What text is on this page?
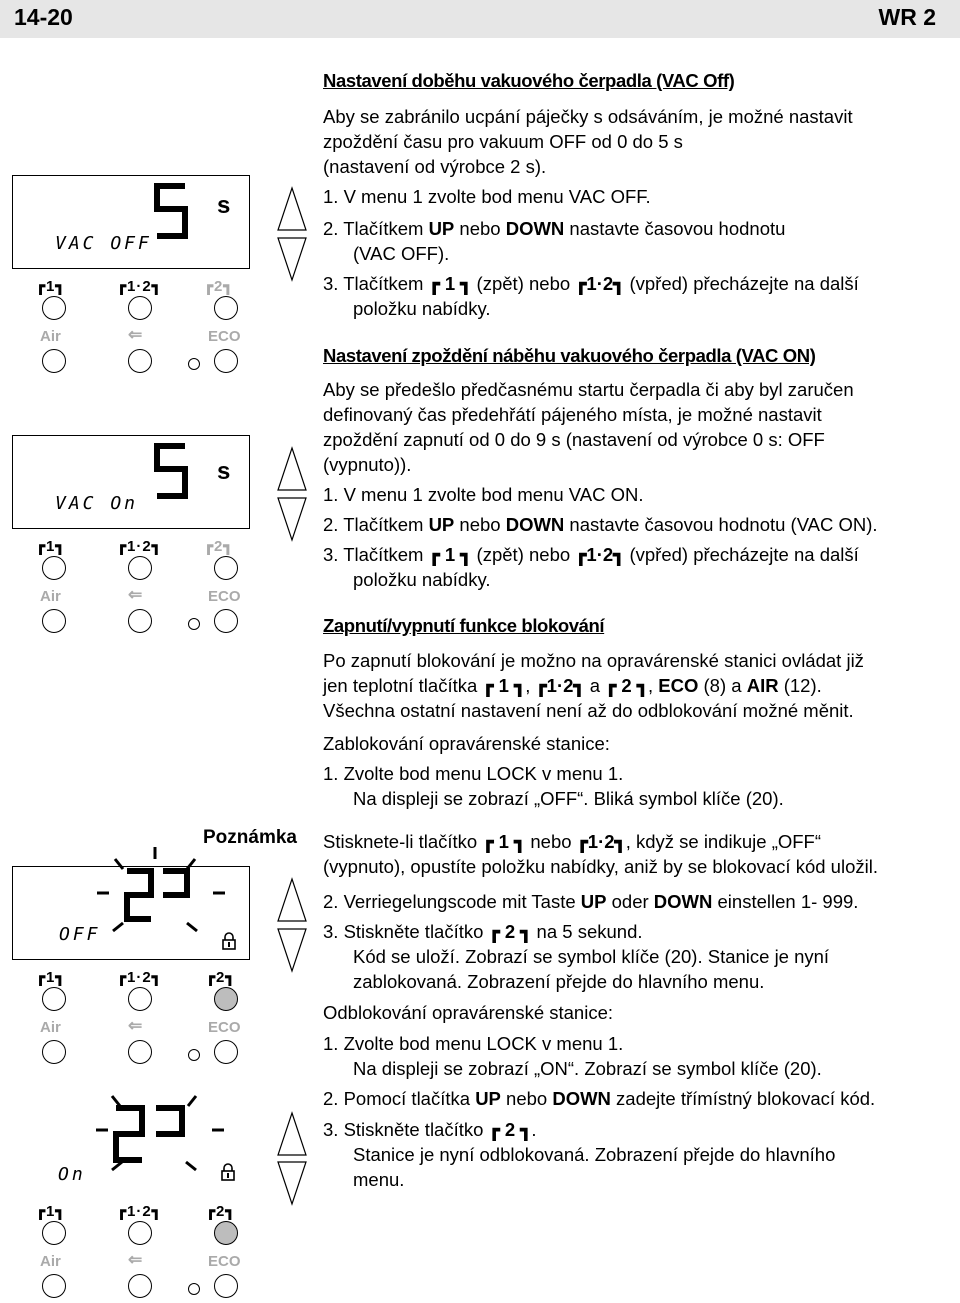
14-20	WR 2
Nastavení doběhu vakuového čerpadla (VAC Off)
Aby se zabránilo ucpání páječky s odsáváním, je možné nastavit
zpoždění času pro vakuum OFF od 0 do 5 s
(nastavení od výrobce 2 s).
1. V menu 1 zvolte bod menu VAC OFF.
2. Tlačítkem UP nebo DOWN nastavte časovou hodnotu
(VAC OFF).
3. Tlačítkem ┏ 1 ┓ (zpět) nebo ┏1·2┓ (vpřed) přecházejte na další
položku nabídky.
Nastavení zpoždění náběhu vakuového čerpadla (VAC ON)
Aby se předešlo předčasnému startu čerpadla či aby byl zaručen
definovaný čas předehřátí pájeného místa, je možné nastavit
zpoždění zapnutí od 0 do 9 s (nastavení od výrobce 0 s: OFF
(vypnuto)).
1. V menu 1 zvolte bod menu VAC ON.
2. Tlačítkem UP nebo DOWN nastavte časovou hodnotu (VAC ON).
3. Tlačítkem ┏ 1 ┓ (zpět) nebo ┏1·2┓ (vpřed) přecházejte na další
položku nabídky.
Zapnutí/vypnutí funkce blokování
Po zapnutí blokování je možno na opravárenské stanici ovládat již
jen teplotní tlačítka ┏ 1 ┓, ┏1·2┓ a ┏ 2 ┓, ECO (8) a AIR (12).
Všechna ostatní nastavení není až do odblokování možné měnit.
Zablokování opravárenské stanice:
1. Zvolte bod menu LOCK v menu 1.
Na displeji se zobrazí „OFF“. Bliká symbol klíče (20).
Poznámka Stisknete-li tlačítko ┏ 1 ┓ nebo ┏1·2┓, když se indikuje „OFF“
(vypnuto), opustíte položku nabídky, aniž by se blokovací kód uložil.
2. Verriegelungscode mit Taste UP oder DOWN einstellen 1- 999.
3. Stiskněte tlačítko ┏ 2 ┓ na 5 sekund.
Kód se uloží. Zobrazí se symbol klíče (20). Stanice je nyní
zablokovaná. Zobrazení přejde do hlavního menu.
Odblokování opravárenské stanice:
1. Zvolte bod menu LOCK v menu 1.
Na displeji se zobrazí „ON“. Zobrazí se symbol klíče (20).
2. Pomocí tlačítka UP nebo DOWN zadejte třímístný blokovací kód.
3. Stiskněte tlačítko ┏ 2 ┓.
Stanice je nyní odblokovaná. Zobrazení přejde do hlavního
menu.
s
VAC OFF
┏1┓	┏1·2┓	┏2┓
Air	⇐	ECO
s
VAC On
┏1┓	┏1·2┓	┏2┓
Air	⇐	ECO
OFF
┏1┓	┏1·2┓	┏2┓
Air	⇐	ECO
On
┏1┓	┏1·2┓	┏2┓
Air	⇐	ECO
